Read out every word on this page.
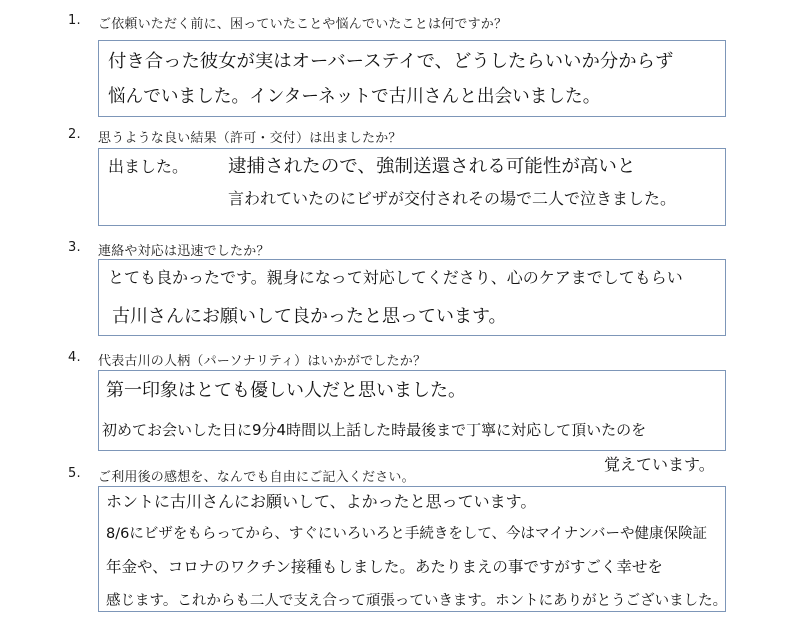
1.	ご依頼いただく前に、困っていたことや悩んでいたことは何ですか？
付き合った彼女が実はオーバーステイで、どうしたらいいか分からず
悩んでいました。インターネットで古川さんと出会いました。
2.	思うような良い結果（許可・交付）は出ましたか？
出ました。 逮捕されたので、強制送還される可能性が高いと
言われていたのにビザが交付されその場で二人で泣きました。
3.	連絡や対応は迅速でしたか？
とても良かったです。親身になって対応してくださり、心のケアまでしてもらい
古川さんにお願いして良かったと思っています。
4.	代表古川の人柄（パーソナリティ）はいかがでしたか？
第一印象はとても優しい人だと思いました。
初めてお会いした日に9分4時間以上話した時最後まで丁寧に対応して頂いたのを
覚えています。
5.	ご利用後の感想を、なんでも自由にご記入ください。
ホントに古川さんにお願いして、よかったと思っています。
8/6にビザをもらってから、すぐにいろいろと手続きをして、今はマイナンバーや健康保険証
年金や、コロナのワクチン接種もしました。あたりまえの事ですがすごく幸せを
感じます。これからも二人で支え合って頑張っていきます。ホントにありがとうございました。
